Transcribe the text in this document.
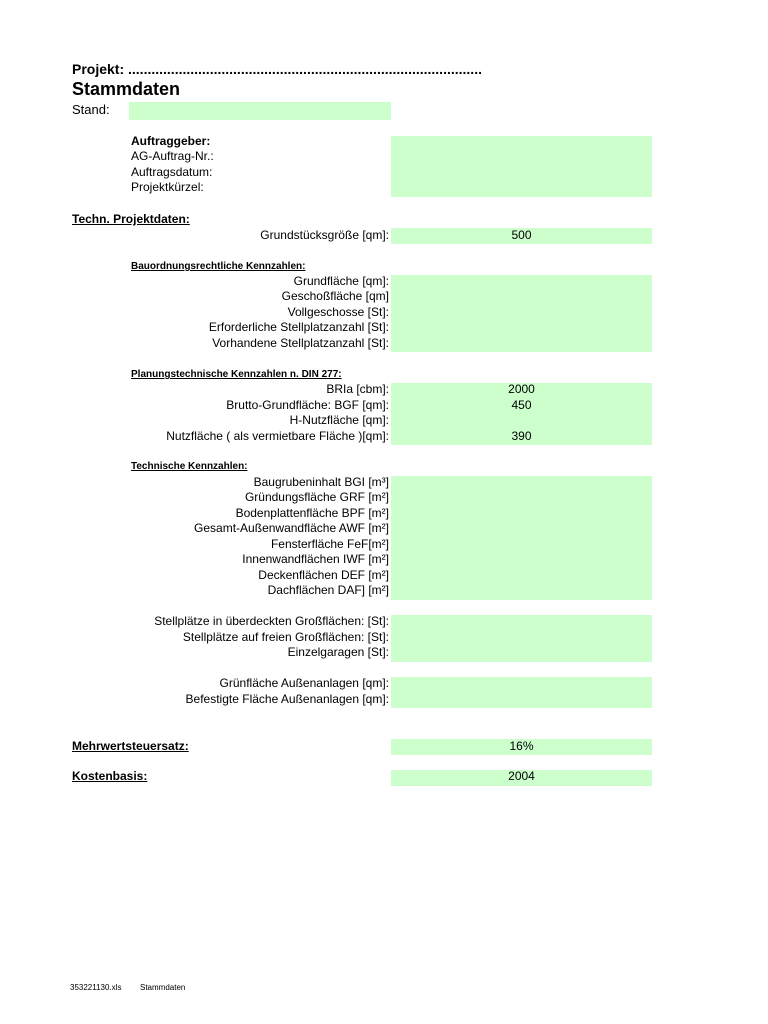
Projekt: ...........................................................................................
Stammdaten
Stand:
Auftraggeber:
AG-Auftrag-Nr.:
Auftragsdatum:
Projektkürzel:
Techn. Projektdaten:
Grundstücksgröße [qm]:	500
Bauordnungsrechtliche Kennzahlen:
Grundfläche [qm]:
Geschoßfläche [qm]
Vollgeschosse [St]:
Erforderliche Stellplatzanzahl [St]:
Vorhandene Stellplatzanzahl [St]:
Planungstechnische Kennzahlen n. DIN 277:
BRIa [cbm]:	2000
Brutto-Grundfläche: BGF [qm]:	450
H-Nutzfläche [qm]:
Nutzfläche ( als vermietbare Fläche )[qm]:	390
Technische Kennzahlen:
Baugrubeninhalt BGI [m³]
Gründungsfläche GRF [m²]
Bodenplattenfläche BPF [m²]
Gesamt-Außenwandfläche AWF [m²]
Fensterfläche FeF[m²]
Innenwandflächen IWF [m²]
Deckenflächen DEF [m²]
Dachflächen DAF] [m²]
Stellplätze in überdeckten Großflächen: [St]:
Stellplätze auf freien Großflächen: [St]:
Einzelgaragen [St]:
Grünfläche Außenanlagen [qm]:
Befestigte Fläche Außenanlagen [qm]:
Mehrwertsteuersatz:	16%
Kostenbasis:	2004
353221130.xls Stammdaten
